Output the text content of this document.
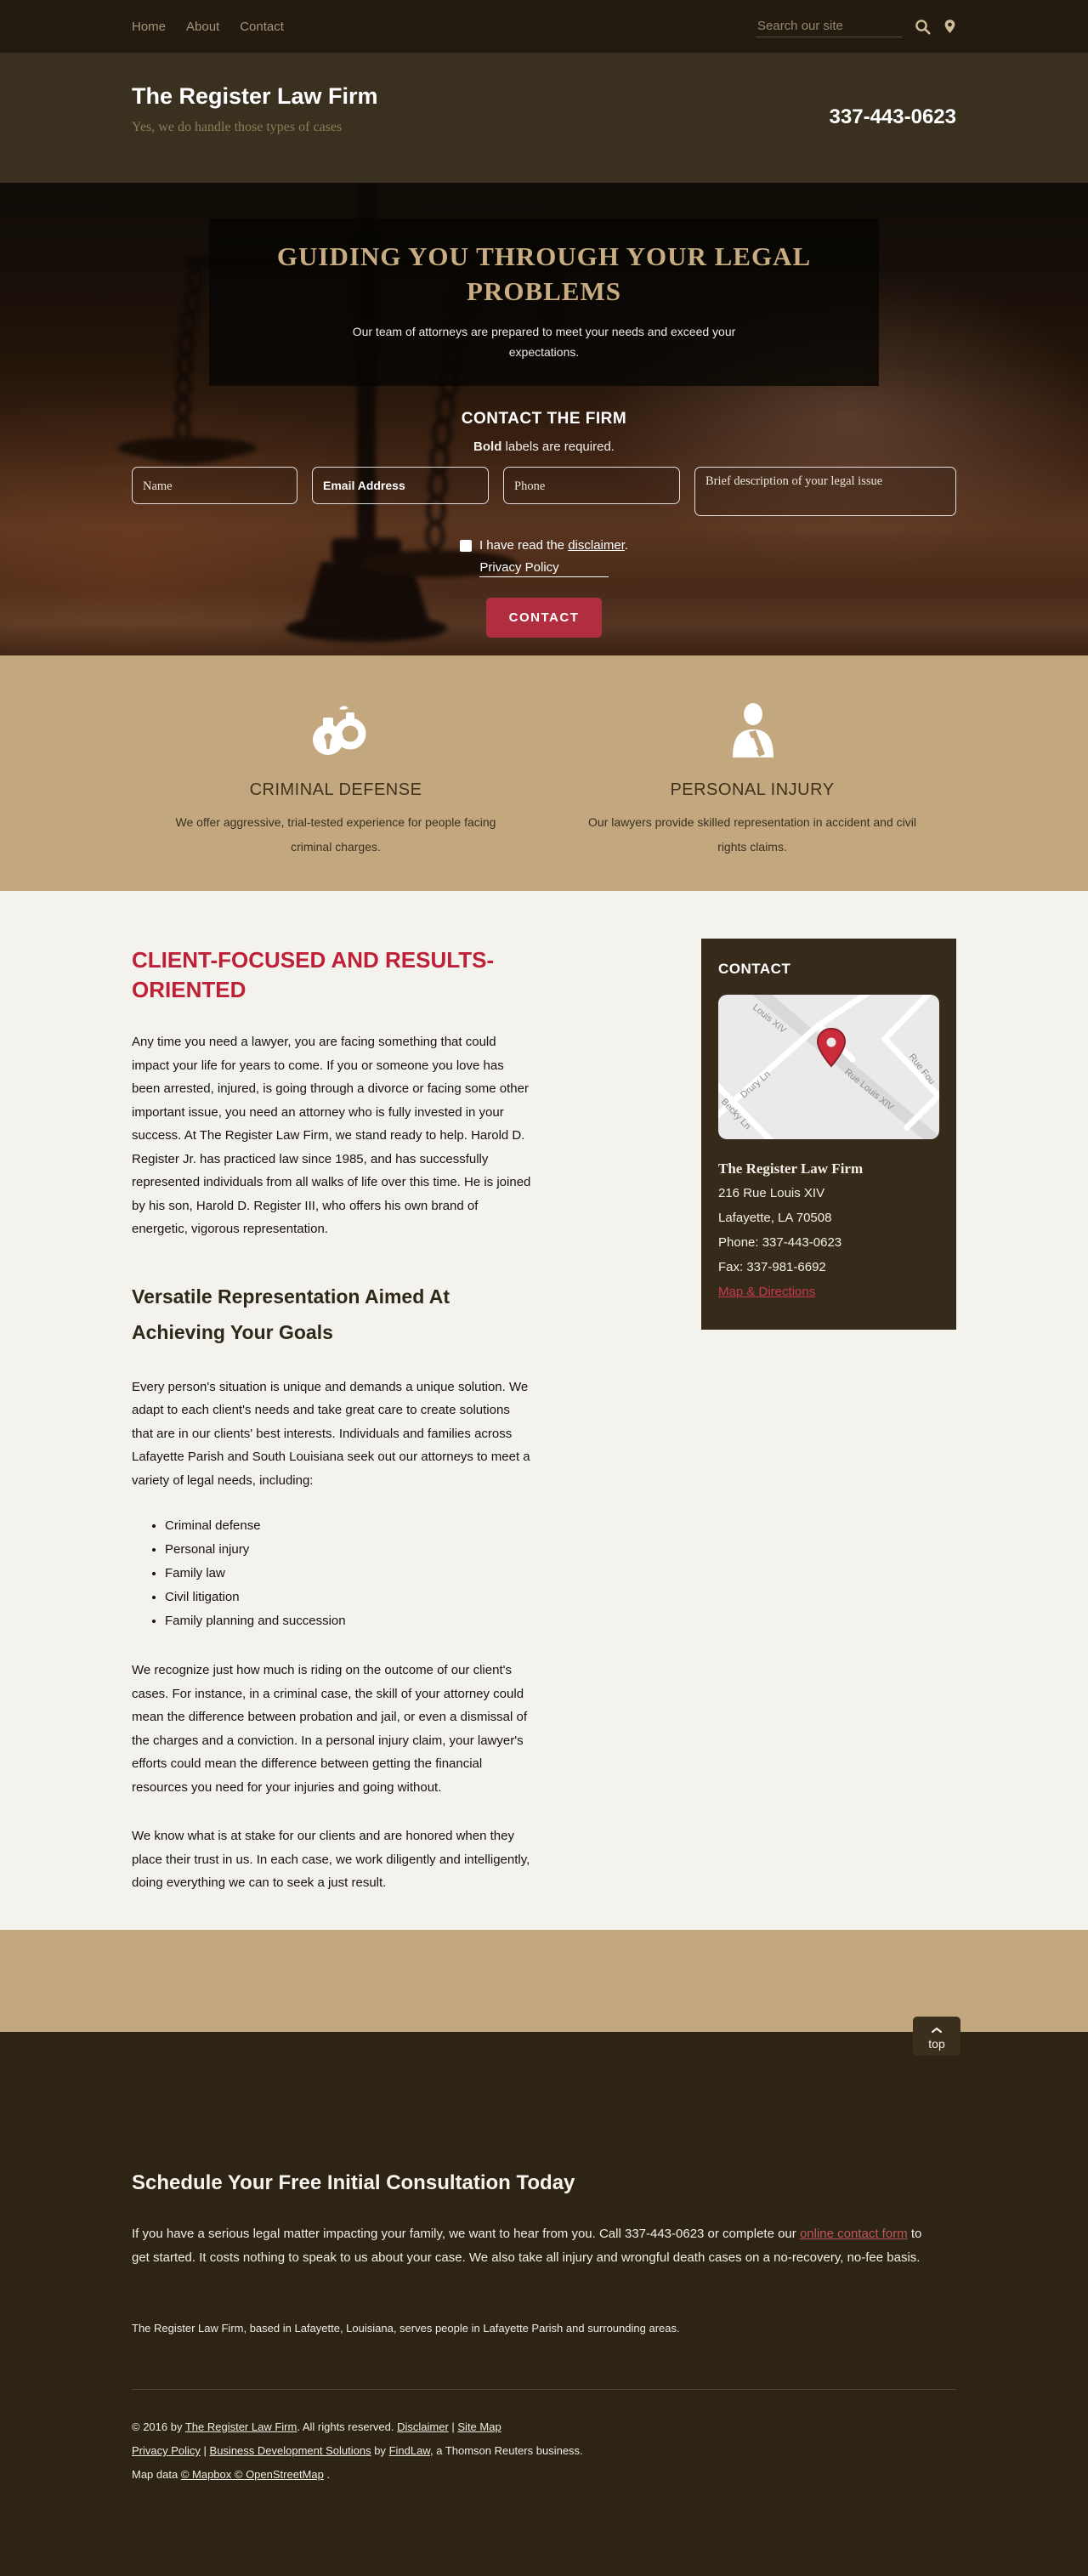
Home About Contact
Search our site
The Register Law Firm
Yes, we do handle those types of cases	337-443-0623
GUIDING YOU THROUGH YOUR LEGAL PROBLEMS

Our team of attorneys are prepared to meet your needs and exceed your expectations.

CONTACT THE FIRM

Bold labels are required.

Name
Email Address
Phone
Brief description of your legal issue
I have read the disclaimer.
Privacy Policy
CONTACT
CRIMINAL DEFENSE

We offer aggressive, trial-tested experience for people facing criminal charges.

PERSONAL INJURY

Our lawyers provide skilled representation in accident and civil rights claims.

CLIENT-FOCUSED AND RESULTS-ORIENTED

Any time you need a lawyer, you are facing something that could impact your life for years to come. If you or someone you love has been arrested, injured, is going through a divorce or facing some other important issue, you need an attorney who is fully invested in your success. At The Register Law Firm, we stand ready to help. Harold D. Register Jr. has practiced law since 1985, and has successfully represented individuals from all walks of life over this time. He is joined by his son, Harold D. Register III, who offers his own brand of energetic, vigorous representation.

Versatile Representation Aimed At Achieving Your Goals

Every person's situation is unique and demands a unique solution. We adapt to each client's needs and take great care to create solutions that are in our clients' best interests. Individuals and families across Lafayette Parish and South Louisiana seek out our attorneys to meet a variety of legal needs, including:

• Criminal defense
• Personal injury
• Family law
• Civil litigation
• Family planning and succession

We recognize just how much is riding on the outcome of our client's cases. For instance, in a criminal case, the skill of your attorney could mean the difference between probation and jail, or even a dismissal of the charges and a conviction. In a personal injury claim, your lawyer's efforts could mean the difference between getting the financial resources you need for your injuries and going without.

We know what is at stake for our clients and are honored when they place their trust in us. In each case, we work diligently and intelligently, doing everything we can to seek a just result.

CONTACT
Louis XIV
Drury Ln
Becky Ln
Rue Louis XIV Rue Fou
The Register Law Firm
216 Rue Louis XIV
Lafayette, LA 70508
Phone: 337-443-0623
Fax: 337-981-6692
Map & Directions
top
Schedule Your Free Initial Consultation Today

If you have a serious legal matter impacting your family, we want to hear from you. Call 337-443-0623 or complete our online contact form to get started. It costs nothing to speak to us about your case. We also take all injury and wrongful death cases on a no-recovery, no-fee basis.

The Register Law Firm, based in Lafayette, Louisiana, serves people in Lafayette Parish and surrounding areas.

© 2016 by The Register Law Firm. All rights reserved. Disclaimer | Site Map
Privacy Policy | Business Development Solutions by FindLaw, a Thomson Reuters business.
Map data © Mapbox © OpenStreetMap .
